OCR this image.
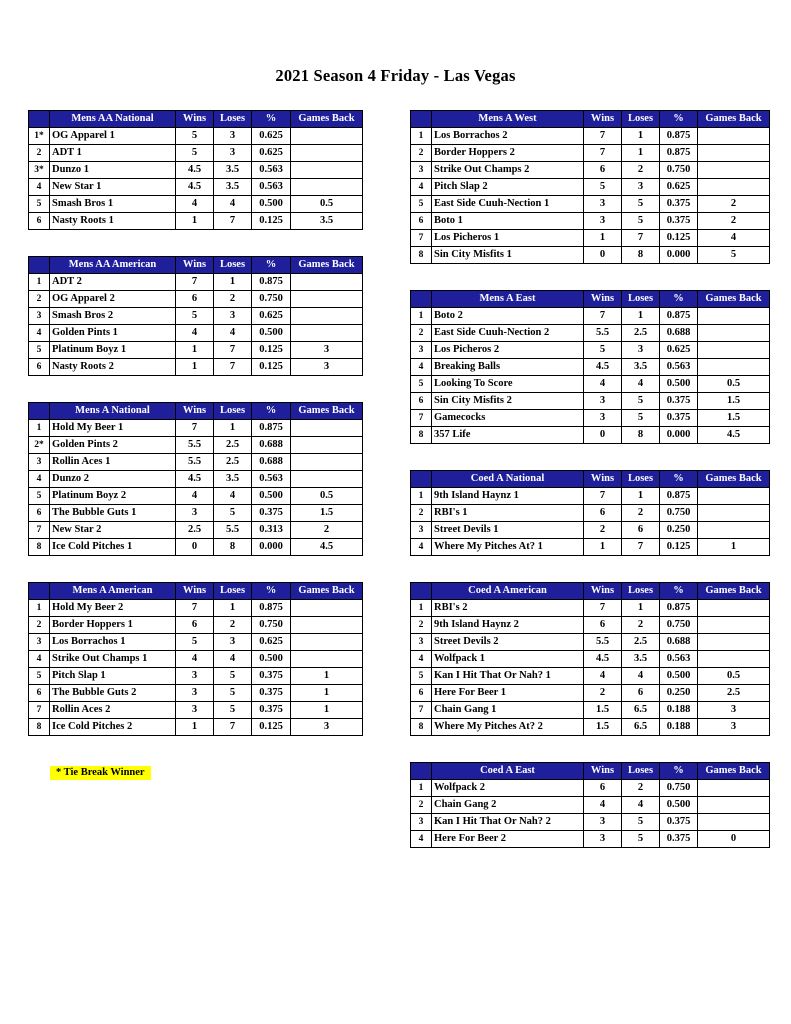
2021 Season 4 Friday - Las Vegas
	Mens AA National	Wins	Loses	%	Games Back
1*	OG Apparel 1	5	3	0.625	
2	ADT 1	5	3	0.625	
3*	Dunzo 1	4.5	3.5	0.563	
4	New Star 1	4.5	3.5	0.563	
5	Smash Bros 1	4	4	0.500	0.5
6	Nasty Roots 1	1	7	0.125	3.5
	Mens AA American	Wins	Loses	%	Games Back
1	ADT 2	7	1	0.875	
2	OG Apparel 2	6	2	0.750	
3	Smash Bros 2	5	3	0.625	
4	Golden Pints 1	4	4	0.500	
5	Platinum Boyz 1	1	7	0.125	3
6	Nasty Roots 2	1	7	0.125	3
	Mens A National	Wins	Loses	%	Games Back
1	Hold My Beer 1	7	1	0.875	
2*	Golden Pints 2	5.5	2.5	0.688	
3	Rollin Aces 1	5.5	2.5	0.688	
4	Dunzo 2	4.5	3.5	0.563	
5	Platinum Boyz 2	4	4	0.500	0.5
6	The Bubble Guts 1	3	5	0.375	1.5
7	New Star 2	2.5	5.5	0.313	2
8	Ice Cold Pitches 1	0	8	0.000	4.5
	Mens A American	Wins	Loses	%	Games Back
1	Hold My Beer 2	7	1	0.875	
2	Border Hoppers 1	6	2	0.750	
3	Los Borrachos 1	5	3	0.625	
4	Strike Out Champs 1	4	4	0.500	
5	Pitch Slap 1	3	5	0.375	1
6	The Bubble Guts 2	3	5	0.375	1
7	Rollin Aces 2	3	5	0.375	1
8	Ice Cold Pitches 2	1	7	0.125	3
* Tie Break Winner
	Mens A West	Wins	Loses	%	Games Back
1	Los Borrachos 2	7	1	0.875	
2	Border Hoppers 2	7	1	0.875	
3	Strike Out Champs 2	6	2	0.750	
4	Pitch Slap 2	5	3	0.625	
5	East Side Cuuh-Nection 1	3	5	0.375	2
6	Boto 1	3	5	0.375	2
7	Los Picheros 1	1	7	0.125	4
8	Sin City Misfits 1	0	8	0.000	5
	Mens A East	Wins	Loses	%	Games Back
1	Boto 2	7	1	0.875	
2	East Side Cuuh-Nection 2	5.5	2.5	0.688	
3	Los Picheros 2	5	3	0.625	
4	Breaking Balls	4.5	3.5	0.563	
5	Looking To Score	4	4	0.500	0.5
6	Sin City Misfits 2	3	5	0.375	1.5
7	Gamecocks	3	5	0.375	1.5
8	357 Life	0	8	0.000	4.5
	Coed A National	Wins	Loses	%	Games Back
1	9th Island Haynz 1	7	1	0.875	
2	RBI's 1	6	2	0.750	
3	Street Devils 1	2	6	0.250	
4	Where My Pitches At? 1	1	7	0.125	1
	Coed A American	Wins	Loses	%	Games Back
1	RBI's 2	7	1	0.875	
2	9th Island Haynz 2	6	2	0.750	
3	Street Devils 2	5.5	2.5	0.688	
4	Wolfpack 1	4.5	3.5	0.563	
5	Kan I Hit That Or Nah? 1	4	4	0.500	0.5
6	Here For Beer 1	2	6	0.250	2.5
7	Chain Gang 1	1.5	6.5	0.188	3
8	Where My Pitches At? 2	1.5	6.5	0.188	3
	Coed A East	Wins	Loses	%	Games Back
1	Wolfpack 2	6	2	0.750	
2	Chain Gang 2	4	4	0.500	
3	Kan I Hit That Or Nah? 2	3	5	0.375	
4	Here For Beer 2	3	5	0.375	0
